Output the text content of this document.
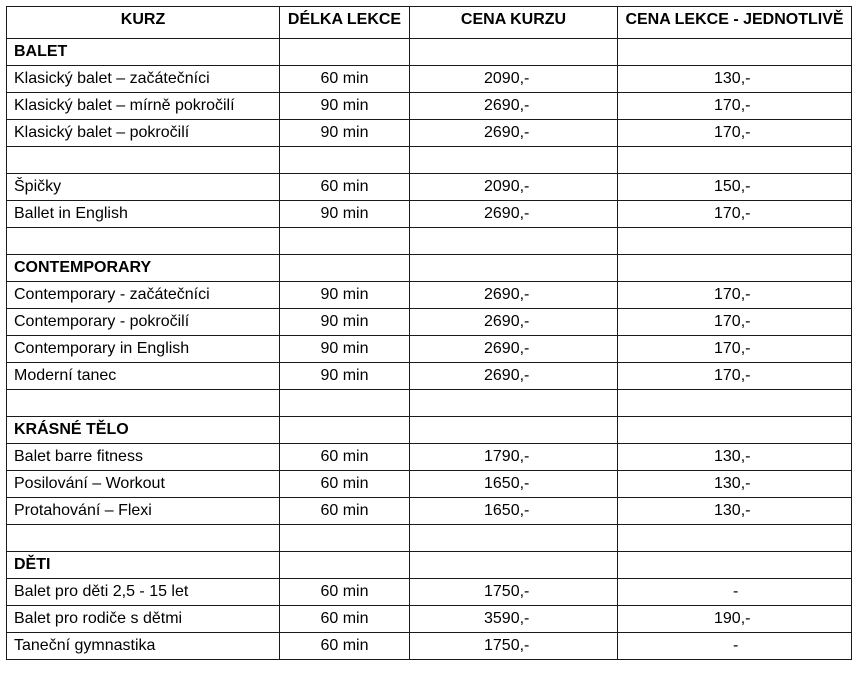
KURZ	DÉLKA LEKCE	CENA KURZU	CENA LEKCE - JEDNOTLIVĚ
BALET			
Klasický balet – začátečníci	60 min	2090,-	130,-
Klasický balet – mírně pokročilí	90 min	2690,-	170,-
Klasický balet – pokročilí	90 min	2690,-	170,-

Špičky	60 min	2090,-	150,-
Ballet in English	90 min	2690,-	170,-

CONTEMPORARY			
Contemporary - začátečníci	90 min	2690,-	170,-
Contemporary - pokročilí	90 min	2690,-	170,-
Contemporary in English	90 min	2690,-	170,-
Moderní tanec	90 min	2690,-	170,-

KRÁSNÉ TĚLO			
Balet barre fitness	60 min	1790,-	130,-
Posilování – Workout	60 min	1650,-	130,-
Protahování – Flexi	60 min	1650,-	130,-

DĚTI			
Balet pro děti 2,5 - 15 let	60 min	1750,-	-
Balet pro rodiče s dětmi	60 min	3590,-	190,-
Taneční gymnastika	60 min	1750,-	-
